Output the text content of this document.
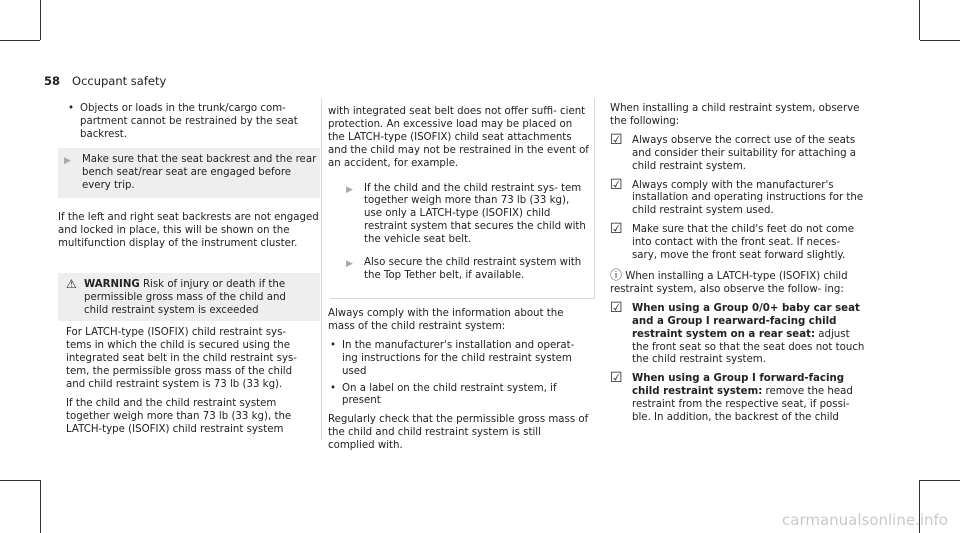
58 Occupant safety
• Objects or loads in the trunk/cargo com- partment cannot be restrained by the seat backrest.
▶ Make sure that the seat backrest and the rear bench seat/rear seat are engaged before every trip.

If the left and right seat backrests are not engaged and locked in place, this will be shown on the multifunction display of the instrument cluster.

⚠ WARNING Risk of injury or death if the permissible gross mass of the child and child restraint system is exceeded

For LATCH-type (ISOFIX) child restraint sys- tems in which the child is secured using the integrated seat belt in the child restraint sys- tem, the permissible gross mass of the child and child restraint system is 73 lb (33 kg).

If the child and the child restraint system together weigh more than 73 lb (33 kg), the LATCH-type (ISOFIX) child restraint system

with integrated seat belt does not offer suffi- cient protection. An excessive load may be placed on the LATCH-type (ISOFIX) child seat attachments and the child may not be restrained in the event of an accident, for example.

▶ If the child and the child restraint sys- tem together weigh more than 73 lb (33 kg), use only a LATCH-type (ISOFIX) child restraint system that secures the child with the vehicle seat belt.
▶ Also secure the child restraint system with the Top Tether belt, if available.

Always comply with the information about the mass of the child restraint system:

• In the manufacturer's installation and operat- ing instructions for the child restraint system used
• On a label on the child restraint system, if present

Regularly check that the permissible gross mass of the child and child restraint system is still complied with.

When installing a child restraint system, observe the following:

☑ Always observe the correct use of the seats and consider their suitability for attaching a child restraint system.
☑ Always comply with the manufacturer's installation and operating instructions for the child restraint system used.
☑ Make sure that the child's feet do not come into contact with the front seat. If neces- sary, move the front seat forward slightly.

ⓘ When installing a LATCH-type (ISOFIX) child restraint system, also observe the follow- ing:

☑ When using a Group 0/0+ baby car seat and a Group I rearward-facing child restraint system on a rear seat: adjust the front seat so that the seat does not touch the child restraint system.
☑ When using a Group I forward-facing child restraint system: remove the head restraint from the respective seat, if possi- ble. In addition, the backrest of the child
carmanualsonline.info
